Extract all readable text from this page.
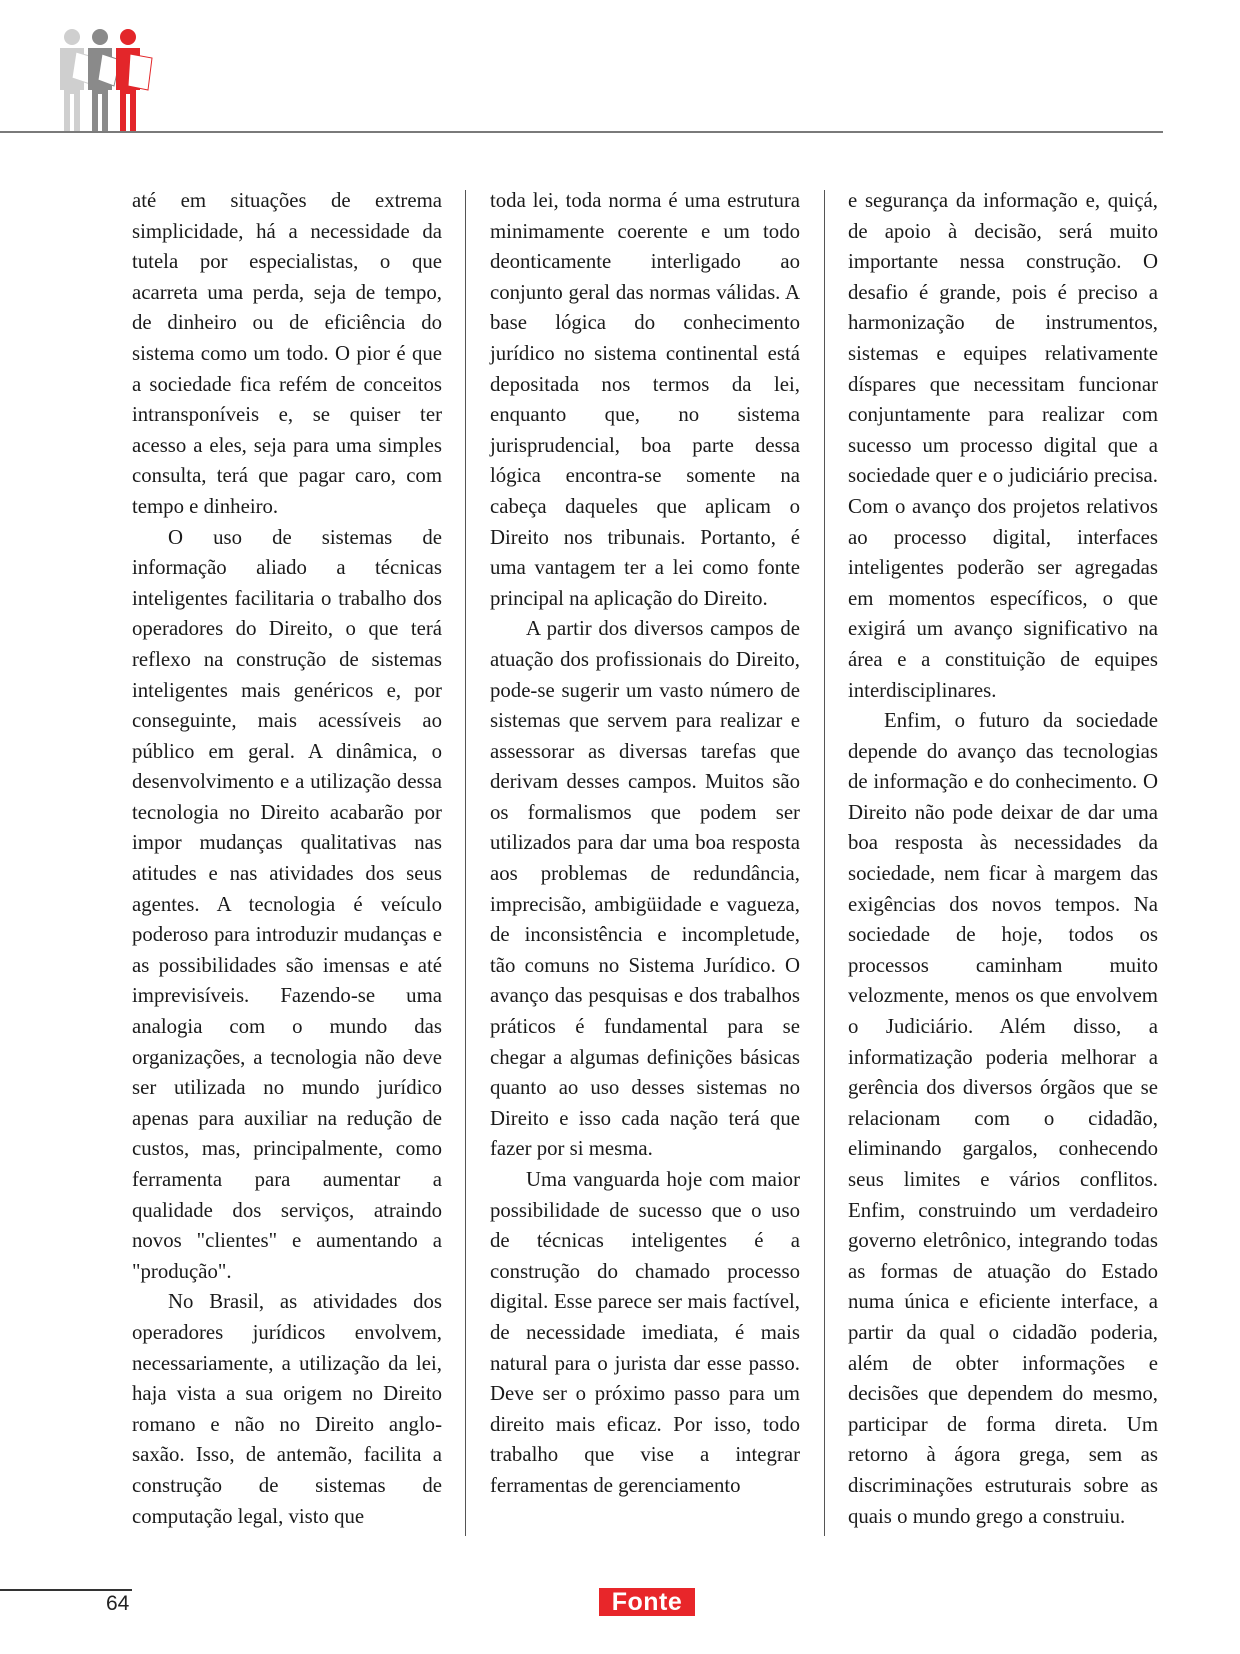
até em situações de extrema simplicidade, há a necessidade da tutela por especialistas, o que acarreta uma perda, seja de tempo, de dinheiro ou de eficiência do sistema como um todo. O pior é que a sociedade fica refém de conceitos intransponíveis e, se quiser ter acesso a eles, seja para uma simples consulta, terá que pagar caro, com tempo e dinheiro.

O uso de sistemas de informação aliado a técnicas inteligentes facilitaria o trabalho dos operadores do Direito, o que terá reflexo na construção de sistemas inteligentes mais genéricos e, por conseguinte, mais acessíveis ao público em geral. A dinâmica, o desenvolvimento e a utilização dessa tecnologia no Direito acabarão por impor mudanças qualitativas nas atitudes e nas atividades dos seus agentes. A tecnologia é veículo poderoso para introduzir mudanças e as possibilidades são imensas e até imprevisíveis. Fazendo-se uma analogia com o mundo das organizações, a tecnologia não deve ser utilizada no mundo jurídico apenas para auxiliar na redução de custos, mas, principalmente, como ferramenta para aumentar a qualidade dos serviços, atraindo novos "clientes" e aumentando a "produção".

No Brasil, as atividades dos operadores jurídicos envolvem, necessariamente, a utilização da lei, haja vista a sua origem no Direito romano e não no Direito anglo-saxão. Isso, de antemão, facilita a construção de sistemas de computação legal, visto que

toda lei, toda norma é uma estrutura minimamente coerente e um todo deonticamente interligado ao conjunto geral das normas válidas. A base lógica do conhecimento jurídico no sistema continental está depositada nos termos da lei, enquanto que, no sistema jurisprudencial, boa parte dessa lógica encontra-se somente na cabeça daqueles que aplicam o Direito nos tribunais. Portanto, é uma vantagem ter a lei como fonte principal na aplicação do Direito.

A partir dos diversos campos de atuação dos profissionais do Direito, pode-se sugerir um vasto número de sistemas que servem para realizar e assessorar as diversas tarefas que derivam desses campos. Muitos são os formalismos que podem ser utilizados para dar uma boa resposta aos problemas de redundância, imprecisão, ambigüidade e vagueza, de inconsistência e incompletude, tão comuns no Sistema Jurídico. O avanço das pesquisas e dos trabalhos práticos é fundamental para se chegar a algumas definições básicas quanto ao uso desses sistemas no Direito e isso cada nação terá que fazer por si mesma.

Uma vanguarda hoje com maior possibilidade de sucesso que o uso de técnicas inteligentes é a construção do chamado processo digital. Esse parece ser mais factível, de necessidade imediata, é mais natural para o jurista dar esse passo. Deve ser o próximo passo para um direito mais eficaz. Por isso, todo trabalho que vise a integrar ferramentas de gerenciamento

e segurança da informação e, quiçá, de apoio à decisão, será muito importante nessa construção. O desafio é grande, pois é preciso a harmonização de instrumentos, sistemas e equipes relativamente díspares que necessitam funcionar conjuntamente para realizar com sucesso um processo digital que a sociedade quer e o judiciário precisa. Com o avanço dos projetos relativos ao processo digital, interfaces inteligentes poderão ser agregadas em momentos específicos, o que exigirá um avanço significativo na área e a constituição de equipes interdisciplinares.

Enfim, o futuro da sociedade depende do avanço das tecnologias de informação e do conhecimento. O Direito não pode deixar de dar uma boa resposta às necessidades da sociedade, nem ficar à margem das exigências dos novos tempos. Na sociedade de hoje, todos os processos caminham muito velozmente, menos os que envolvem o Judiciário. Além disso, a informatização poderia melhorar a gerência dos diversos órgãos que se relacionam com o cidadão, eliminando gargalos, conhecendo seus limites e vários conflitos. Enfim, construindo um verdadeiro governo eletrônico, integrando todas as formas de atuação do Estado numa única e eficiente interface, a partir da qual o cidadão poderia, além de obter informações e decisões que dependem do mesmo, participar de forma direta. Um retorno à ágora grega, sem as discriminações estruturais sobre as quais o mundo grego a construiu.

64	Fonte
